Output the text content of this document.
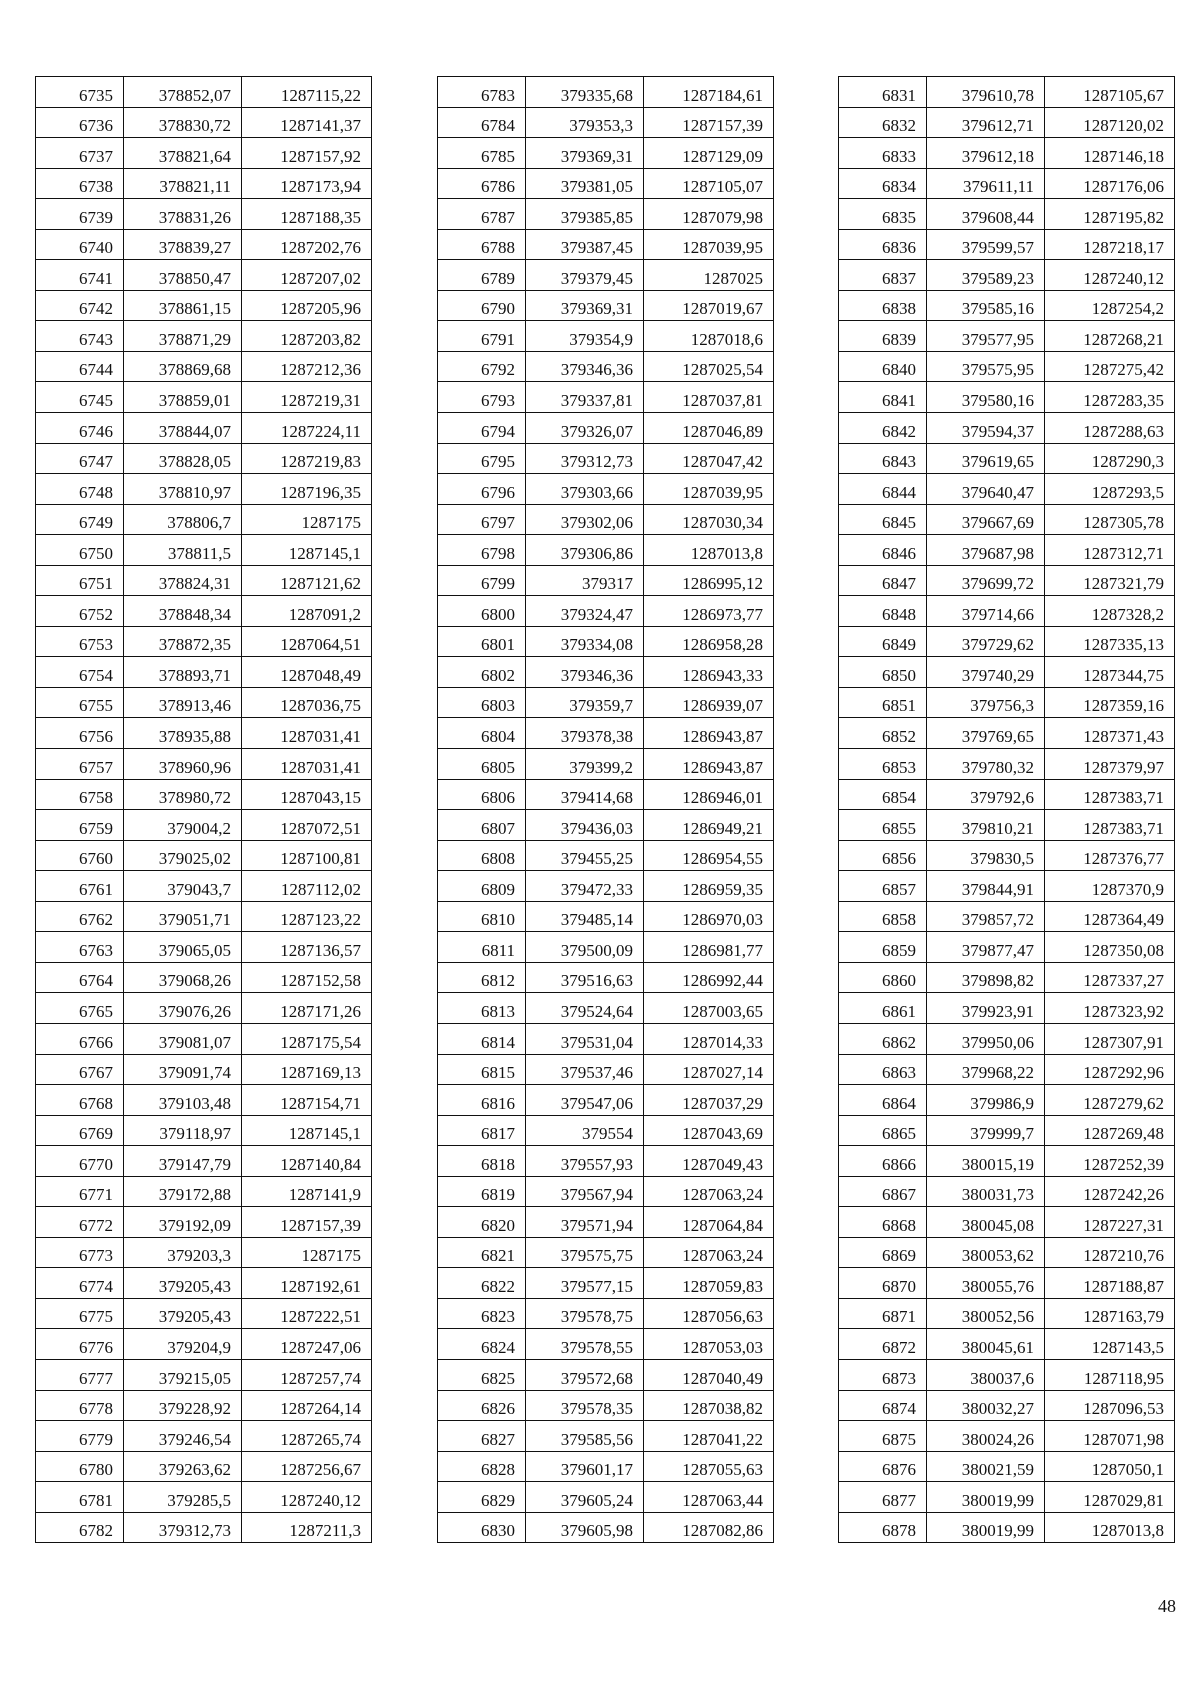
6735	378852,07	1287115,22
6736	378830,72	1287141,37
6737	378821,64	1287157,92
6738	378821,11	1287173,94
6739	378831,26	1287188,35
6740	378839,27	1287202,76
6741	378850,47	1287207,02
6742	378861,15	1287205,96
6743	378871,29	1287203,82
6744	378869,68	1287212,36
6745	378859,01	1287219,31
6746	378844,07	1287224,11
6747	378828,05	1287219,83
6748	378810,97	1287196,35
6749	378806,7	1287175
6750	378811,5	1287145,1
6751	378824,31	1287121,62
6752	378848,34	1287091,2
6753	378872,35	1287064,51
6754	378893,71	1287048,49
6755	378913,46	1287036,75
6756	378935,88	1287031,41
6757	378960,96	1287031,41
6758	378980,72	1287043,15
6759	379004,2	1287072,51
6760	379025,02	1287100,81
6761	379043,7	1287112,02
6762	379051,71	1287123,22
6763	379065,05	1287136,57
6764	379068,26	1287152,58
6765	379076,26	1287171,26
6766	379081,07	1287175,54
6767	379091,74	1287169,13
6768	379103,48	1287154,71
6769	379118,97	1287145,1
6770	379147,79	1287140,84
6771	379172,88	1287141,9
6772	379192,09	1287157,39
6773	379203,3	1287175
6774	379205,43	1287192,61
6775	379205,43	1287222,51
6776	379204,9	1287247,06
6777	379215,05	1287257,74
6778	379228,92	1287264,14
6779	379246,54	1287265,74
6780	379263,62	1287256,67
6781	379285,5	1287240,12
6782	379312,73	1287211,3
6783	379335,68	1287184,61
6784	379353,3	1287157,39
6785	379369,31	1287129,09
6786	379381,05	1287105,07
6787	379385,85	1287079,98
6788	379387,45	1287039,95
6789	379379,45	1287025
6790	379369,31	1287019,67
6791	379354,9	1287018,6
6792	379346,36	1287025,54
6793	379337,81	1287037,81
6794	379326,07	1287046,89
6795	379312,73	1287047,42
6796	379303,66	1287039,95
6797	379302,06	1287030,34
6798	379306,86	1287013,8
6799	379317	1286995,12
6800	379324,47	1286973,77
6801	379334,08	1286958,28
6802	379346,36	1286943,33
6803	379359,7	1286939,07
6804	379378,38	1286943,87
6805	379399,2	1286943,87
6806	379414,68	1286946,01
6807	379436,03	1286949,21
6808	379455,25	1286954,55
6809	379472,33	1286959,35
6810	379485,14	1286970,03
6811	379500,09	1286981,77
6812	379516,63	1286992,44
6813	379524,64	1287003,65
6814	379531,04	1287014,33
6815	379537,46	1287027,14
6816	379547,06	1287037,29
6817	379554	1287043,69
6818	379557,93	1287049,43
6819	379567,94	1287063,24
6820	379571,94	1287064,84
6821	379575,75	1287063,24
6822	379577,15	1287059,83
6823	379578,75	1287056,63
6824	379578,55	1287053,03
6825	379572,68	1287040,49
6826	379578,35	1287038,82
6827	379585,56	1287041,22
6828	379601,17	1287055,63
6829	379605,24	1287063,44
6830	379605,98	1287082,86
6831	379610,78	1287105,67
6832	379612,71	1287120,02
6833	379612,18	1287146,18
6834	379611,11	1287176,06
6835	379608,44	1287195,82
6836	379599,57	1287218,17
6837	379589,23	1287240,12
6838	379585,16	1287254,2
6839	379577,95	1287268,21
6840	379575,95	1287275,42
6841	379580,16	1287283,35
6842	379594,37	1287288,63
6843	379619,65	1287290,3
6844	379640,47	1287293,5
6845	379667,69	1287305,78
6846	379687,98	1287312,71
6847	379699,72	1287321,79
6848	379714,66	1287328,2
6849	379729,62	1287335,13
6850	379740,29	1287344,75
6851	379756,3	1287359,16
6852	379769,65	1287371,43
6853	379780,32	1287379,97
6854	379792,6	1287383,71
6855	379810,21	1287383,71
6856	379830,5	1287376,77
6857	379844,91	1287370,9
6858	379857,72	1287364,49
6859	379877,47	1287350,08
6860	379898,82	1287337,27
6861	379923,91	1287323,92
6862	379950,06	1287307,91
6863	379968,22	1287292,96
6864	379986,9	1287279,62
6865	379999,7	1287269,48
6866	380015,19	1287252,39
6867	380031,73	1287242,26
6868	380045,08	1287227,31
6869	380053,62	1287210,76
6870	380055,76	1287188,87
6871	380052,56	1287163,79
6872	380045,61	1287143,5
6873	380037,6	1287118,95
6874	380032,27	1287096,53
6875	380024,26	1287071,98
6876	380021,59	1287050,1
6877	380019,99	1287029,81
6878	380019,99	1287013,8
48
